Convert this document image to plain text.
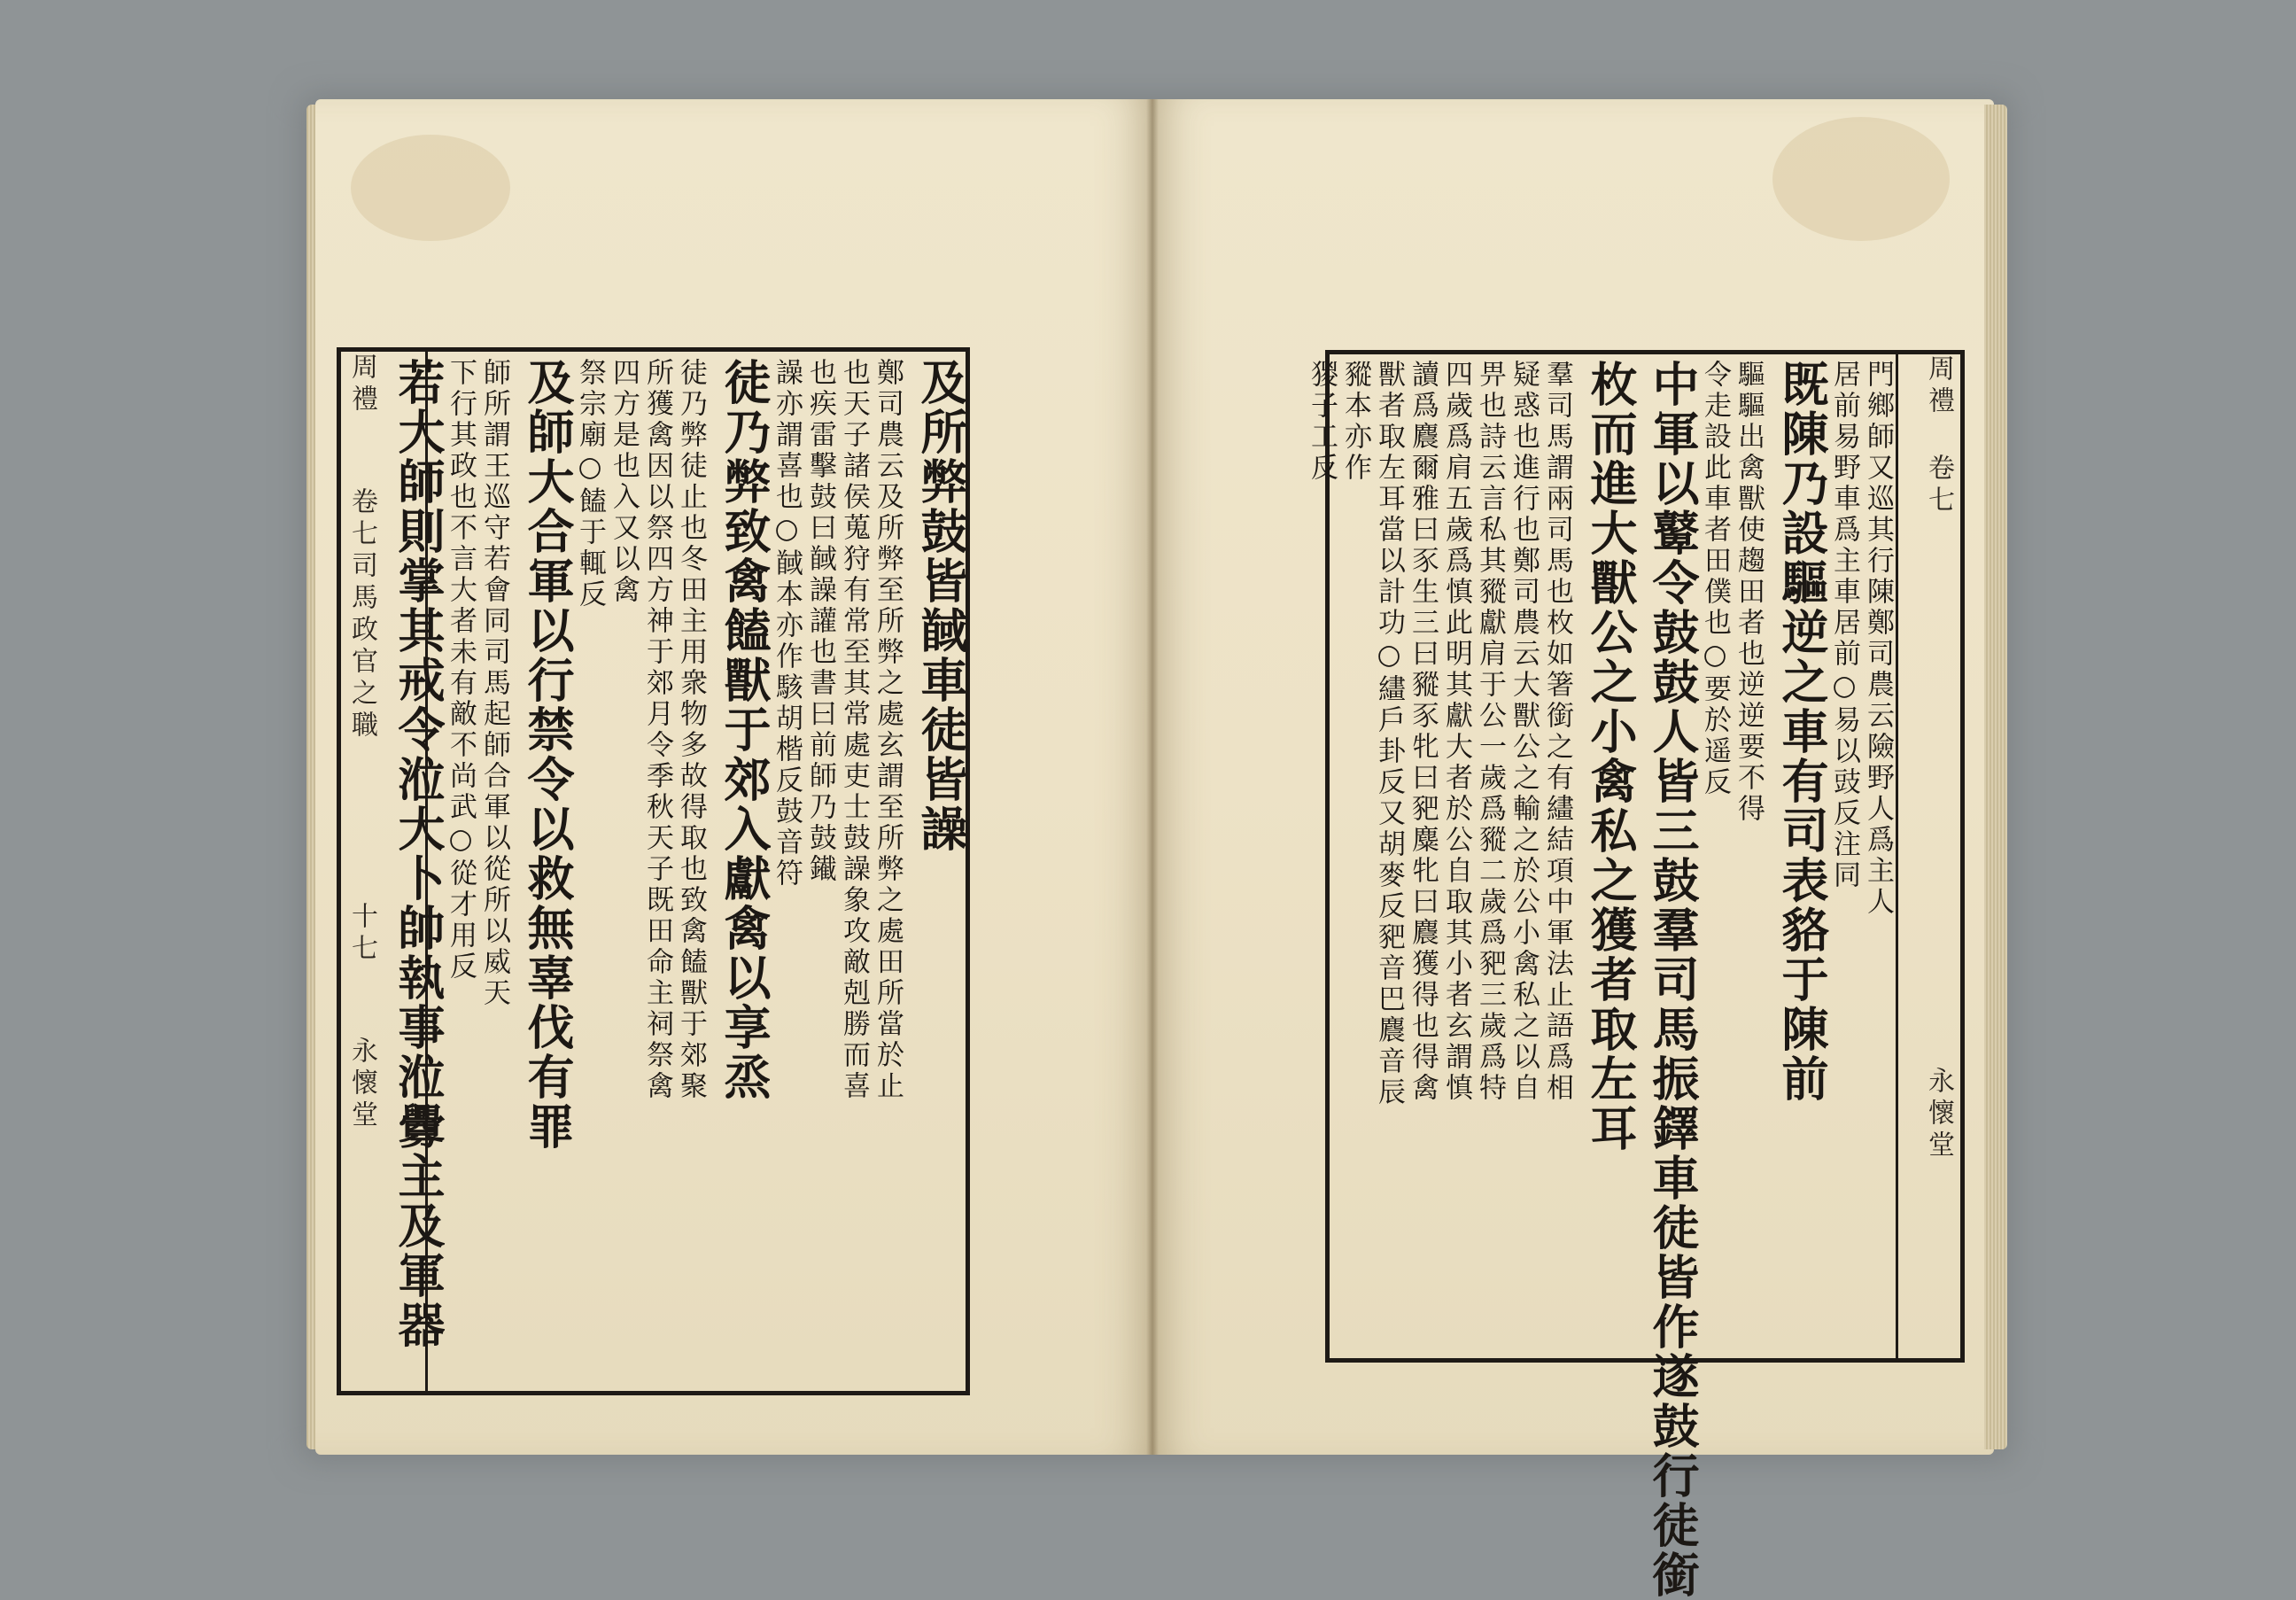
周禮卷七司馬政官之職十七永懷堂
及所弊鼓皆馘車徒皆譟
鄭司農云及所弊至所弊之處玄謂至所弊之處田所當於止
也天子諸侯蒐狩有常至其常處吏士鼓譟象攻敵剋勝而喜
也疾雷擊鼓曰馘譟讙也書曰前師乃鼓䥫
譟亦謂喜也○馘本亦作駭胡楷反鼓音符
徒乃弊致禽饁獸于郊入獻禽以享烝
徒乃弊徒止也冬田主用衆物多故得取也致禽饁獸于郊聚
所獲禽因以祭四方神于郊月令季秋天子既田命主祠祭禽
四方是也入又以禽
祭宗廟○饁于輒反
及師大合軍以行禁令以救無辜伐有罪
師所謂王巡守若會同司馬起師合軍以從所以威天
下行其政也不言大者未有敵不尚武○從才用反
若大師則掌其戒令涖大卜帥執事涖釁主及軍器	周禮卷七永懷堂
門鄉師又巡其行陳鄭司農云險野人爲主人
居前易野車爲主車居前○易以豉反注同
既陳乃設驅逆之車有司表貉于陳前
驅驅出禽獸使趨田者也逆逆要不得
令走設此車者田僕也○要於遥反
中軍以鼙令鼓鼓人皆三鼓羣司馬振鐸車徒皆作遂鼓行徒銜
枚而進大獸公之小禽私之獲者取左耳
羣司馬謂兩司馬也枚如箸銜之有繣結項中軍法止語爲相
疑惑也進行也鄭司農云大獸公之輸之於公小禽私之以自
畀也詩云言私其豵獻肩于公一歲爲豵二歲爲豝三歲爲特
四歲爲肩五歲爲慎此明其獻大者於公自取其小者玄謂慎
讀爲麎爾雅曰豕生三曰豵豕牝曰豝麋牝曰麎獲得也得禽
獸者取左耳當以計功○繣戶卦反又胡麥反豝音巴麎音辰
豵本亦作
猣子工反
